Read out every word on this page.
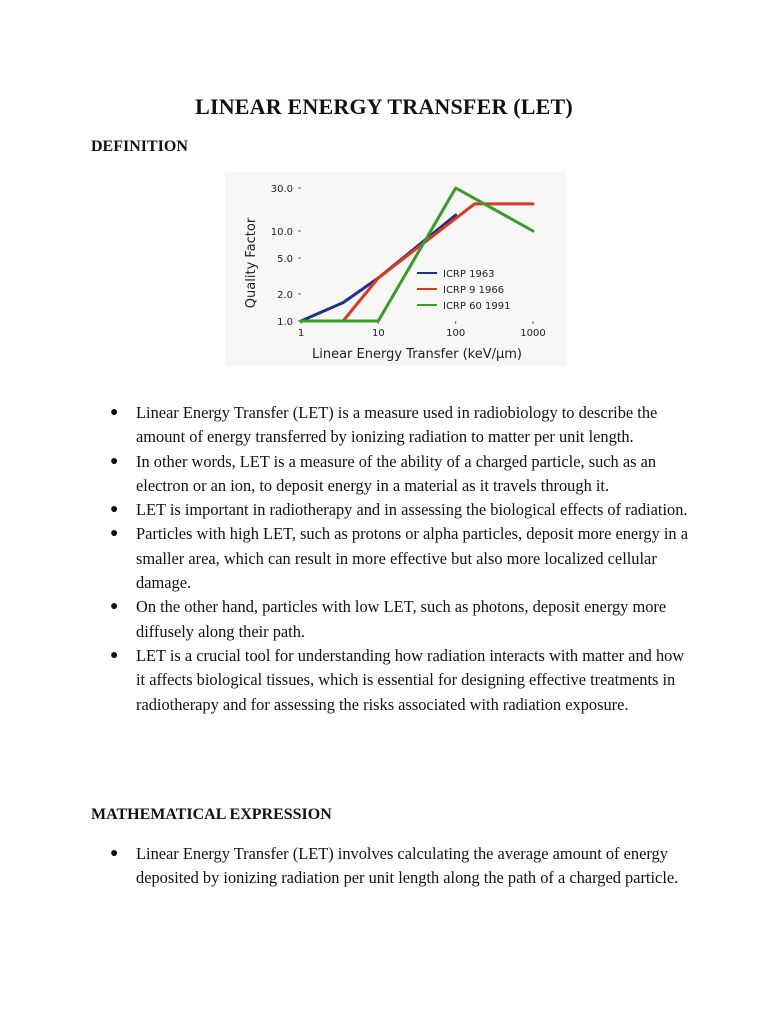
LINEAR ENERGY TRANSFER (LET)
DEFINITION
Quality Factor
Linear Energy Transfer (keV/μm)
1.0
2.0
5.0
10.0
30.0
1	10	100	1000
ICRP 1963
ICRP 9 1966
ICRP 60 1991
● Linear Energy Transfer (LET) is a measure used in radiobiology to describe the amount of energy transferred by ionizing radiation to matter per unit length.
● In other words, LET is a measure of the ability of a charged particle, such as an electron or an ion, to deposit energy in a material as it travels through it.
● LET is important in radiotherapy and in assessing the biological effects of radiation.
● Particles with high LET, such as protons or alpha particles, deposit more energy in a smaller area, which can result in more effective but also more localized cellular damage.
● On the other hand, particles with low LET, such as photons, deposit energy more diffusely along their path.
● LET is a crucial tool for understanding how radiation interacts with matter and how it affects biological tissues, which is essential for designing effective treatments in radiotherapy and for assessing the risks associated with radiation exposure.
MATHEMATICAL EXPRESSION
● Linear Energy Transfer (LET) involves calculating the average amount of energy deposited by ionizing radiation per unit length along the path of a charged particle.
